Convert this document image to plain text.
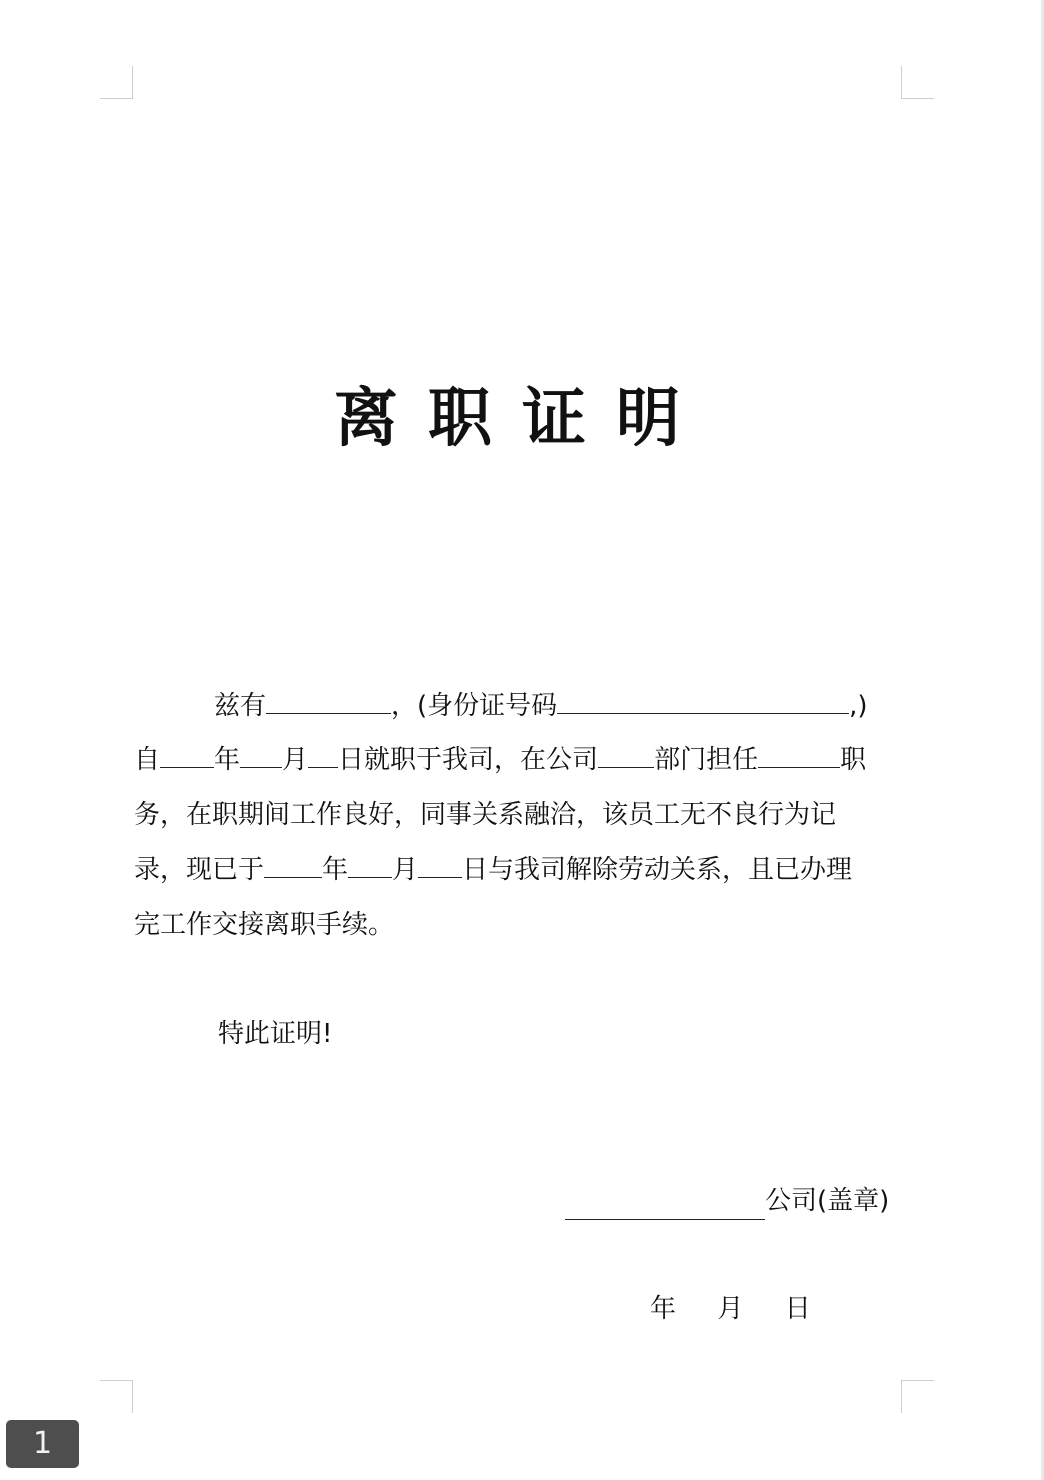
离职证明
兹有	，(身份证号码	,)
自 年 月 日就职于我司，在公司 部门担任	职
务，在职期间工作良好，同事关系融洽，该员工无不良行为记
录，现已于 年 月 日与我司解除劳动关系，且已办理
完工作交接离职手续。
特此证明!
公司(盖章)
年 月 日
1
